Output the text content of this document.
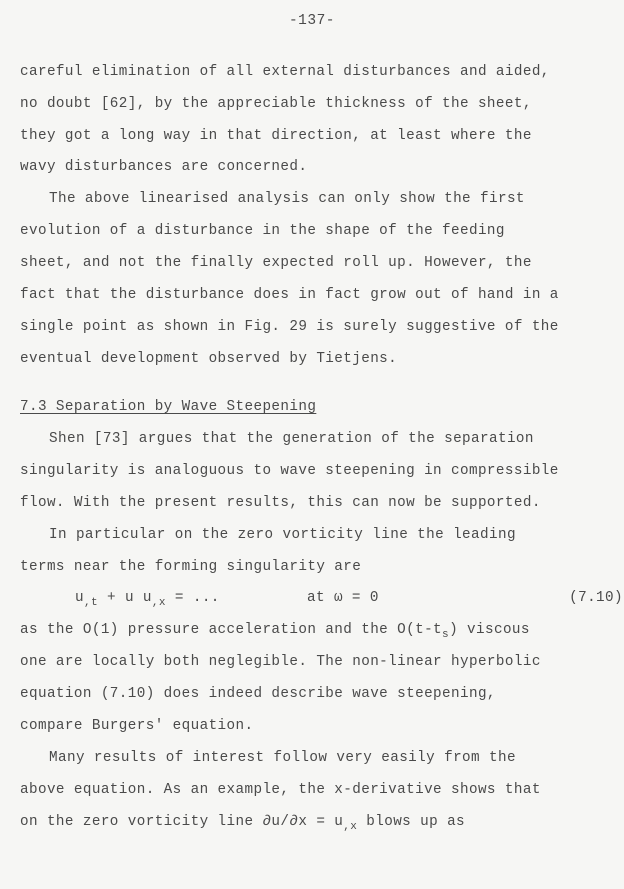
-137-
careful elimination of all external disturbances and aided,
no doubt [62], by the appreciable thickness of the sheet,
they got a long way in that direction, at least where the
wavy disturbances are concerned.
The above linearised analysis can only show the first
evolution of a disturbance in the shape of the feeding
sheet, and not the finally expected roll up. However, the
fact that the disturbance does in fact grow out of hand in a
single point as shown in Fig. 29 is surely suggestive of the
eventual development observed by Tietjens.
7.3 Separation by Wave Steepening
Shen [73] argues that the generation of the separation
singularity is analoguous to wave steepening in compressible
flow. With the present results, this can now be supported.
In particular on the zero vorticity line the leading
terms near the forming singularity are
u,t + u u,x = ...	at ω = 0	(7.10)
as the O(1) pressure acceleration and the O(t-ts) viscous
one are locally both neglegible. The non-linear hyperbolic
equation (7.10) does indeed describe wave steepening,
compare Burgers' equation.
Many results of interest follow very easily from the
above equation. As an example, the x-derivative shows that
on the zero vorticity line ∂u/∂x = u,x blows up as
